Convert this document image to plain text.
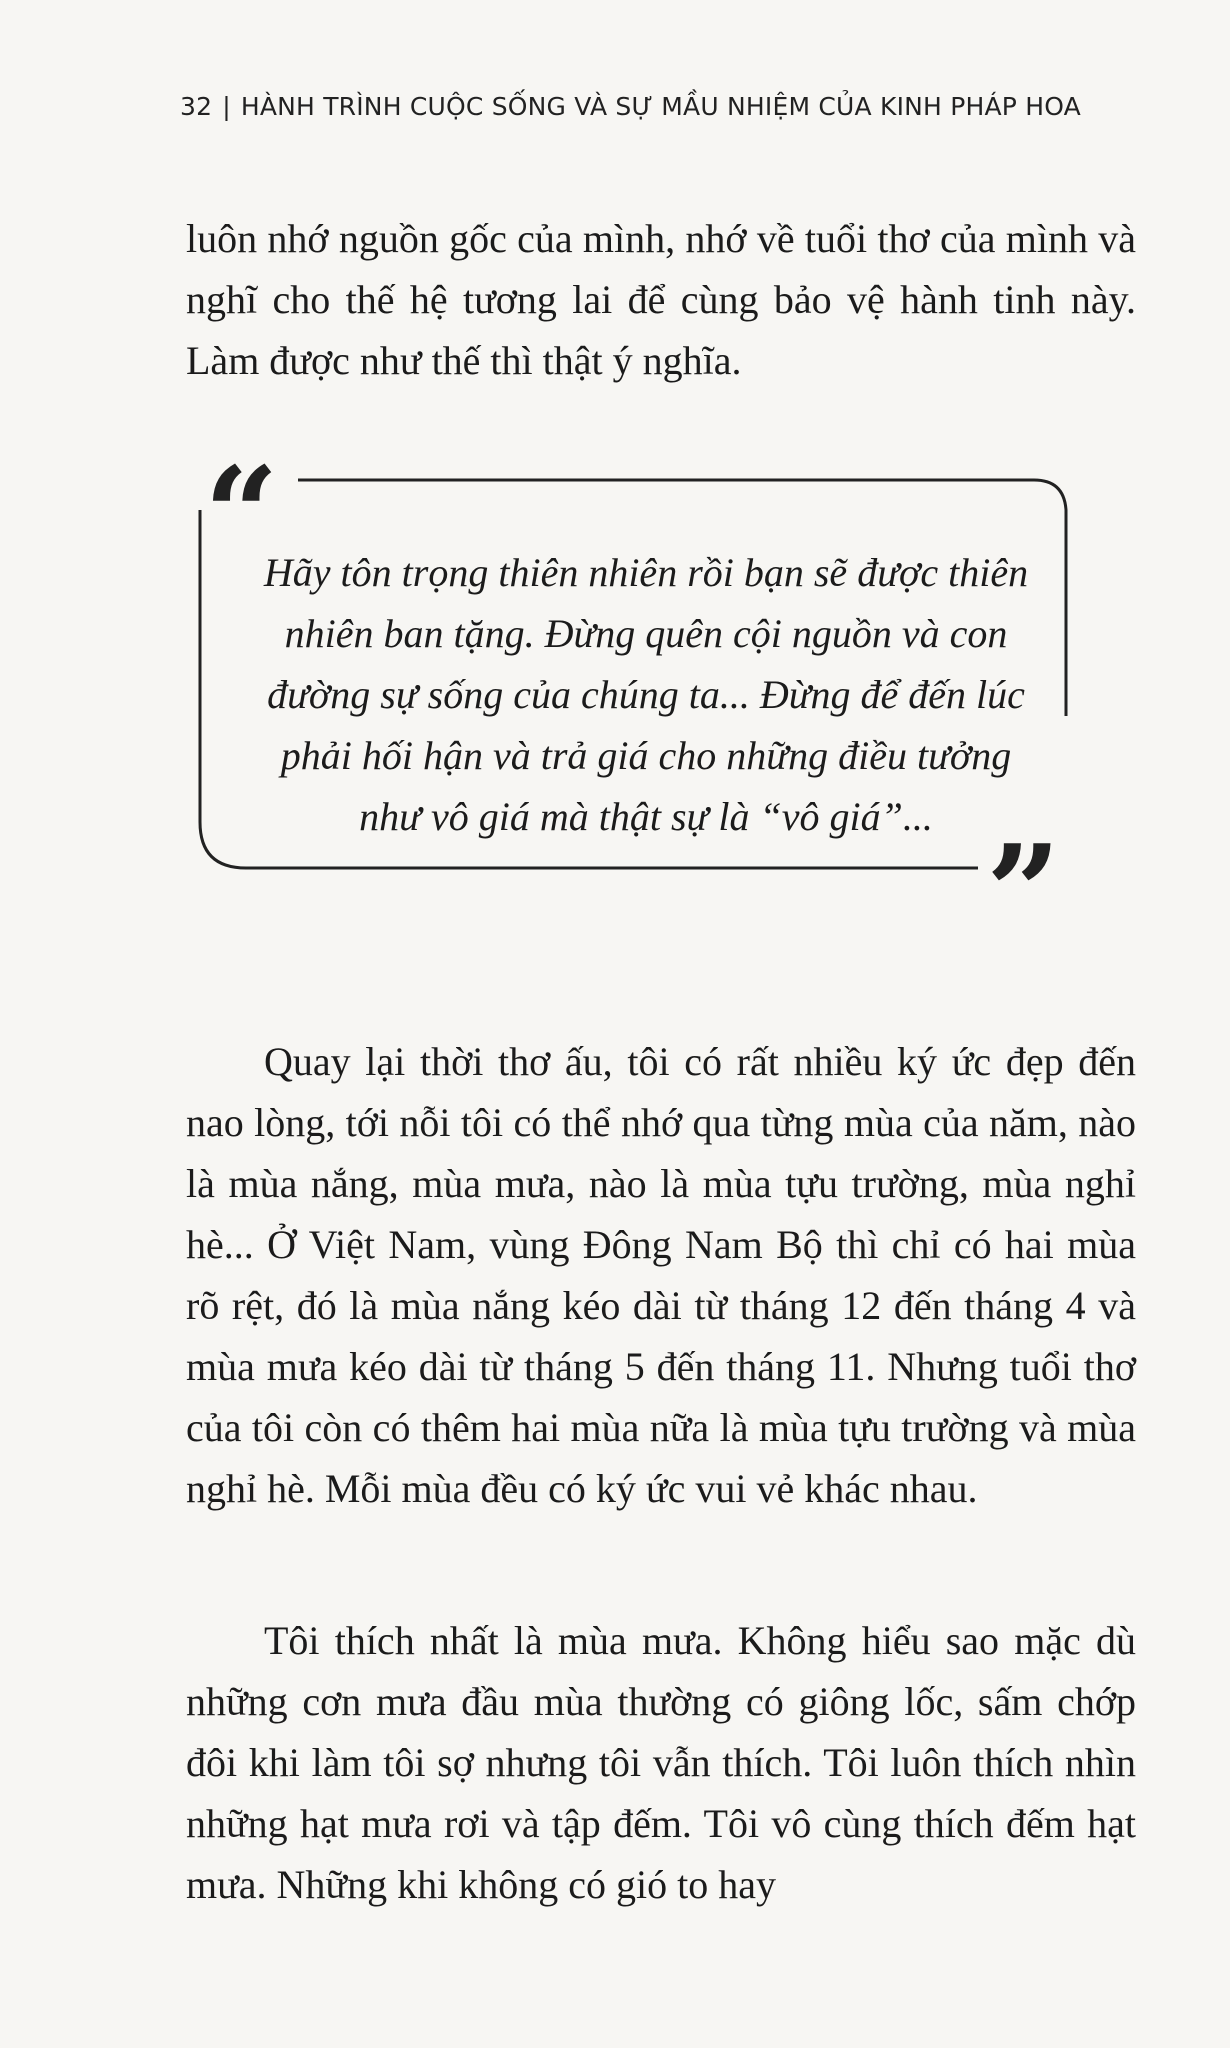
32 | HÀNH TRÌNH CUỘC SỐNG VÀ SỰ MẦU NHIỆM CỦA KINH PHÁP HOA

luôn nhớ nguồn gốc của mình, nhớ về tuổi thơ của mình và nghĩ cho thế hệ tương lai để cùng bảo vệ hành tinh này. Làm được như thế thì thật ý nghĩa.

“
Hãy tôn trọng thiên nhiên rồi bạn sẽ được thiên
nhiên ban tặng. Đừng quên cội nguồn và con
đường sự sống của chúng ta... Đừng để đến lúc
phải hối hận và trả giá cho những điều tưởng
như vô giá mà thật sự là “vô giá”... ”

Quay lại thời thơ ấu, tôi có rất nhiều ký ức đẹp đến nao lòng, tới nỗi tôi có thể nhớ qua từng mùa của năm, nào là mùa nắng, mùa mưa, nào là mùa tựu trường, mùa nghỉ hè... Ở Việt Nam, vùng Đông Nam Bộ thì chỉ có hai mùa rõ rệt, đó là mùa nắng kéo dài từ tháng 12 đến tháng 4 và mùa mưa kéo dài từ tháng 5 đến tháng 11. Nhưng tuổi thơ của tôi còn có thêm hai mùa nữa là mùa tựu trường và mùa nghỉ hè. Mỗi mùa đều có ký ức vui vẻ khác nhau.

Tôi thích nhất là mùa mưa. Không hiểu sao mặc dù những cơn mưa đầu mùa thường có giông lốc, sấm chớp đôi khi làm tôi sợ nhưng tôi vẫn thích. Tôi luôn thích nhìn những hạt mưa rơi và tập đếm. Tôi vô cùng thích đếm hạt mưa. Những khi không có gió to hay
